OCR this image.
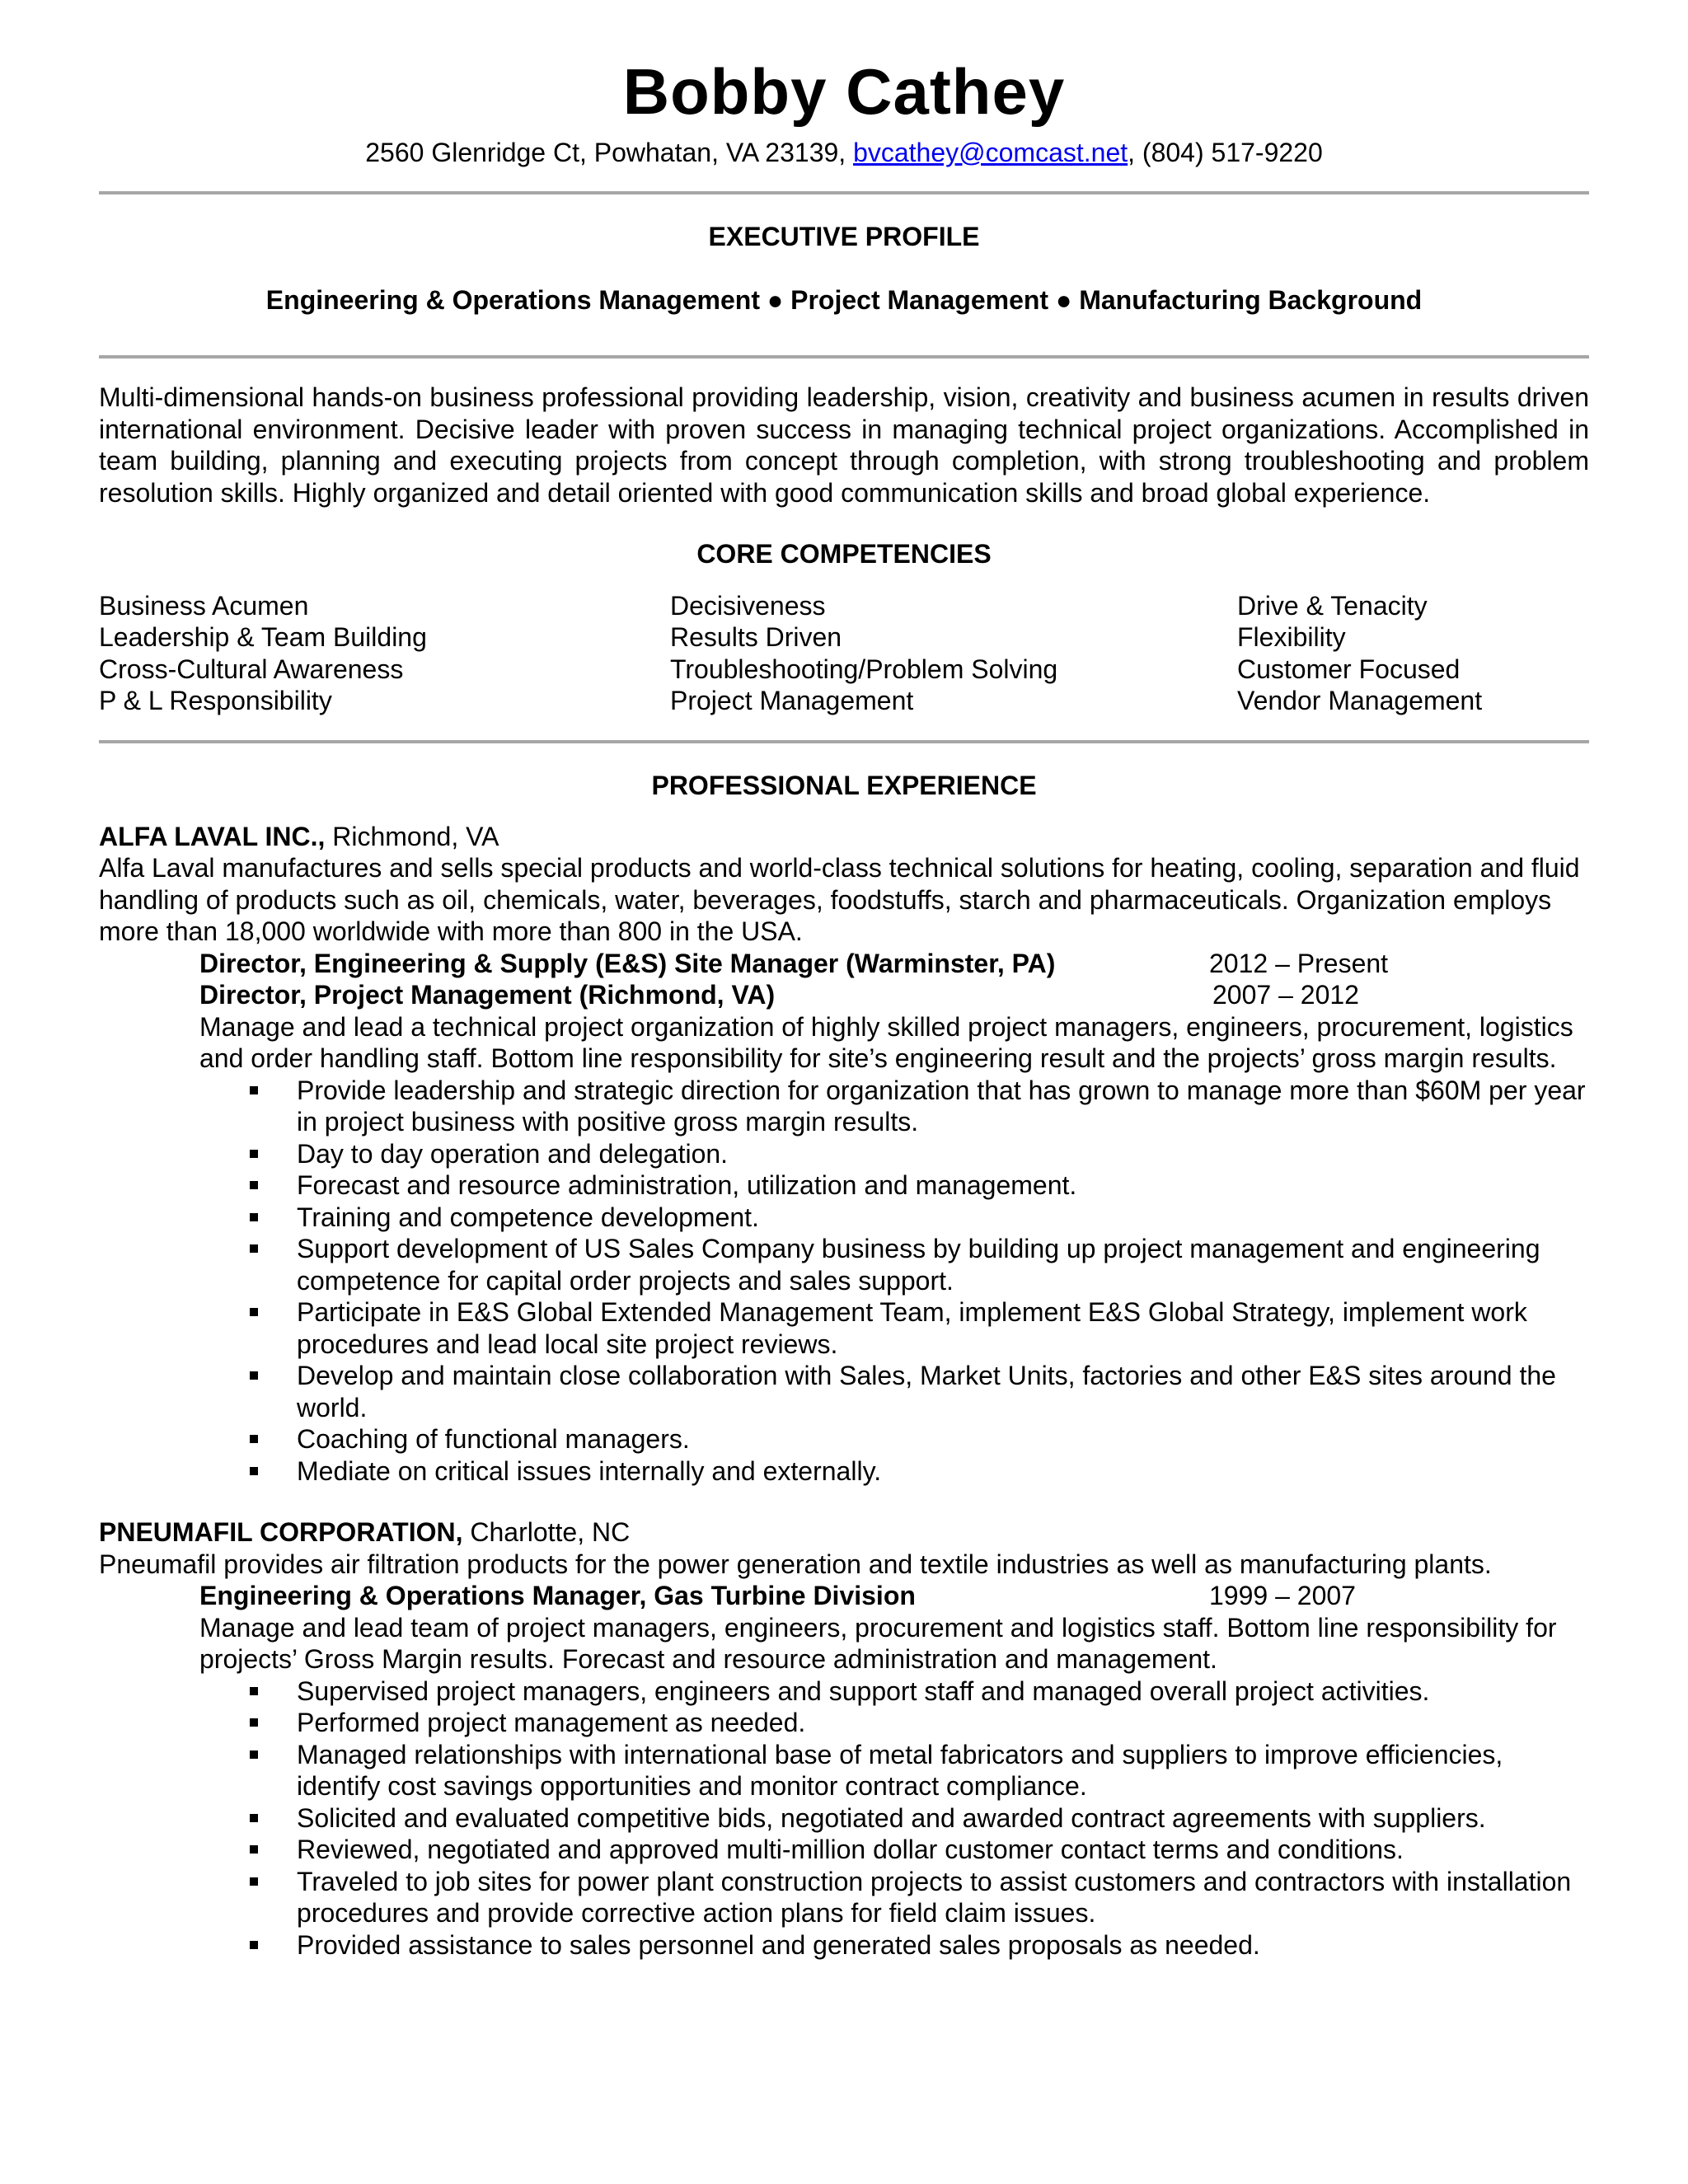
Bobby Cathey
2560 Glenridge Ct, Powhatan, VA 23139, bvcathey@comcast.net, (804) 517-9220
EXECUTIVE PROFILE
Engineering & Operations Management ● Project Management ● Manufacturing Background
Multi-dimensional hands-on business professional providing leadership, vision, creativity and business acumen in results driven international environment. Decisive leader with proven success in managing technical project organizations. Accomplished in team building, planning and executing projects from concept through completion, with strong troubleshooting and problem resolution skills. Highly organized and detail oriented with good communication skills and broad global experience.
CORE COMPETENCIES
Business Acumen	Decisiveness	Drive & Tenacity
Leadership & Team Building	Results Driven	Flexibility
Cross-Cultural Awareness	Troubleshooting/Problem Solving	Customer Focused
P & L Responsibility	Project Management	Vendor Management
PROFESSIONAL EXPERIENCE
ALFA LAVAL INC., Richmond, VA
Alfa Laval manufactures and sells special products and world-class technical solutions for heating, cooling, separation and fluid handling of products such as oil, chemicals, water, beverages, foodstuffs, starch and pharmaceuticals. Organization employs more than 18,000 worldwide with more than 800 in the USA.
Director, Engineering & Supply (E&S) Site Manager (Warminster, PA)	2012 – Present
Director, Project Management (Richmond, VA)	2007 – 2012
Manage and lead a technical project organization of highly skilled project managers, engineers, procurement, logistics and order handling staff. Bottom line responsibility for site’s engineering result and the projects’ gross margin results.
Provide leadership and strategic direction for organization that has grown to manage more than $60M per year in project business with positive gross margin results.
Day to day operation and delegation.
Forecast and resource administration, utilization and management.
Training and competence development.
Support development of US Sales Company business by building up project management and engineering competence for capital order projects and sales support.
Participate in E&S Global Extended Management Team, implement E&S Global Strategy, implement work procedures and lead local site project reviews.
Develop and maintain close collaboration with Sales, Market Units, factories and other E&S sites around the world.
Coaching of functional managers.
Mediate on critical issues internally and externally.
PNEUMAFIL CORPORATION, Charlotte, NC
Pneumafil provides air filtration products for the power generation and textile industries as well as manufacturing plants.
Engineering & Operations Manager, Gas Turbine Division	1999 – 2007
Manage and lead team of project managers, engineers, procurement and logistics staff. Bottom line responsibility for projects’ Gross Margin results. Forecast and resource administration and management.
Supervised project managers, engineers and support staff and managed overall project activities.
Performed project management as needed.
Managed relationships with international base of metal fabricators and suppliers to improve efficiencies, identify cost savings opportunities and monitor contract compliance.
Solicited and evaluated competitive bids, negotiated and awarded contract agreements with suppliers.
Reviewed, negotiated and approved multi-million dollar customer contact terms and conditions.
Traveled to job sites for power plant construction projects to assist customers and contractors with installation procedures and provide corrective action plans for field claim issues.
Provided assistance to sales personnel and generated sales proposals as needed.
